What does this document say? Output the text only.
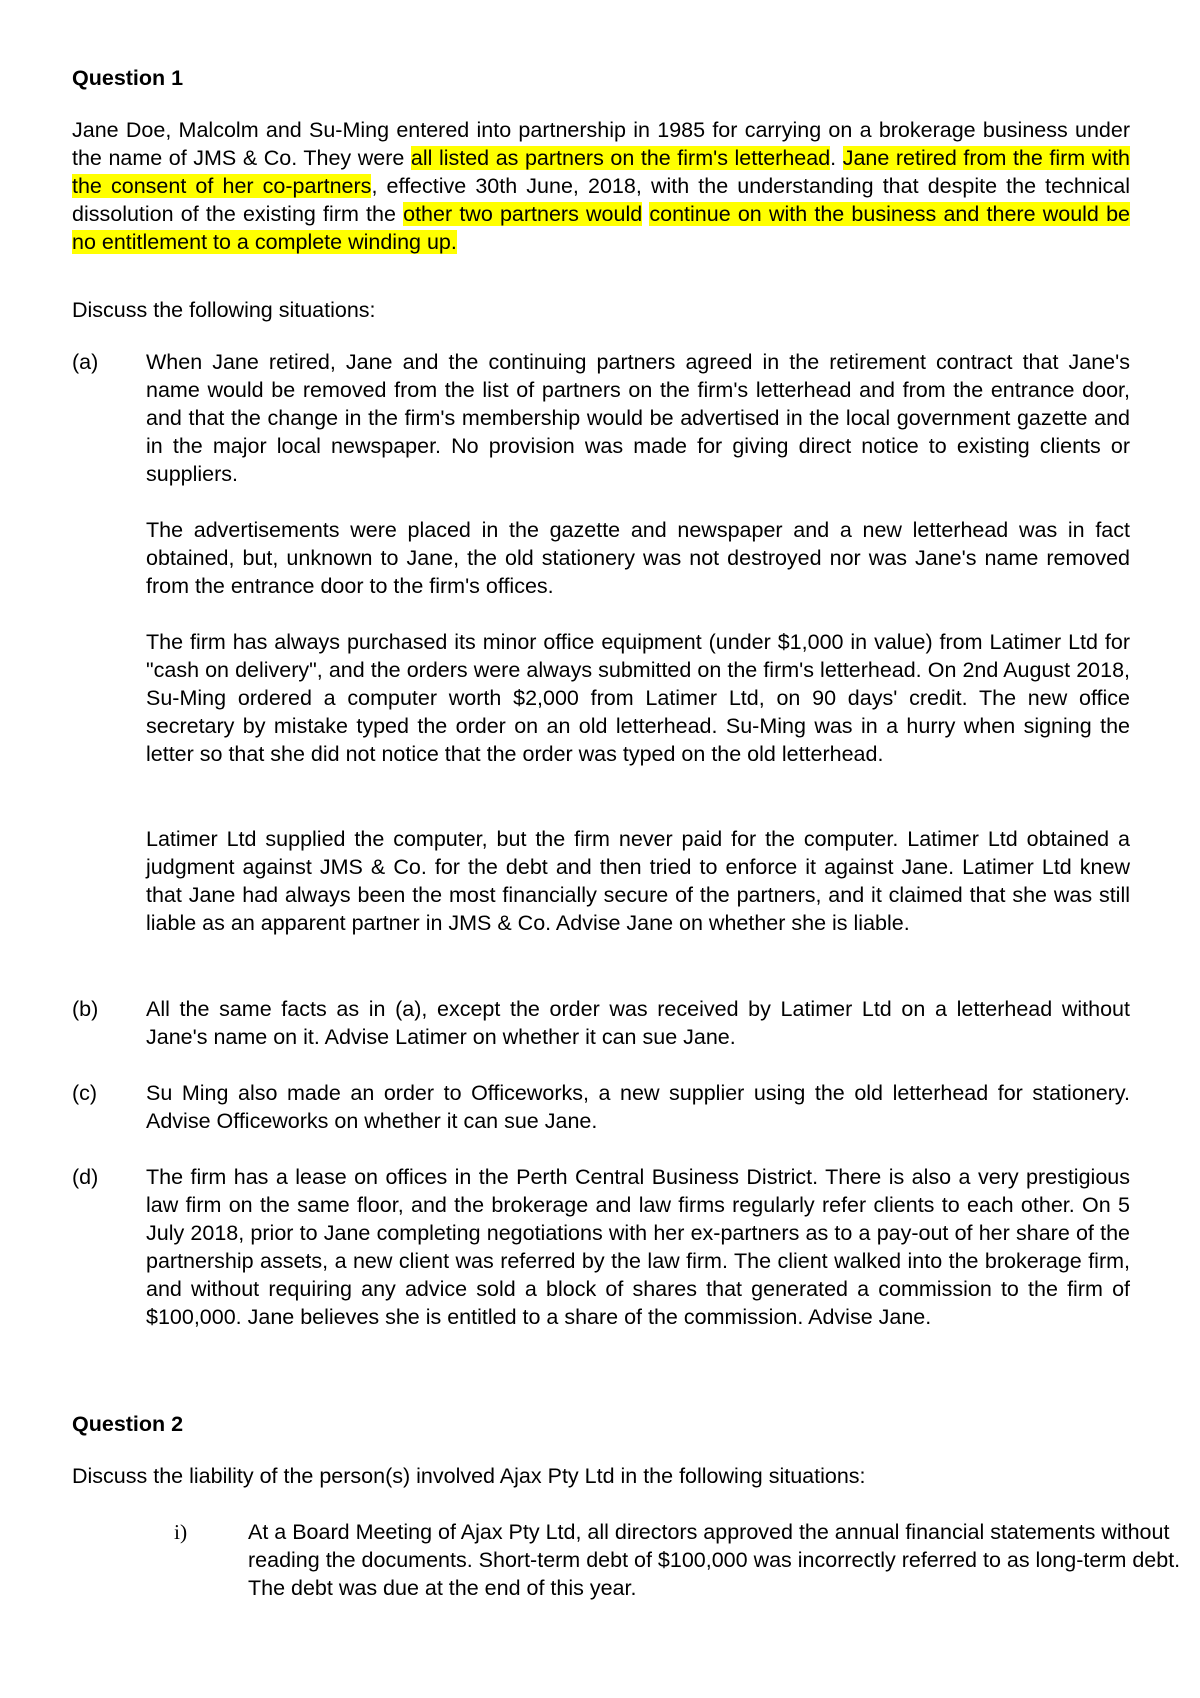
Question 1

Jane Doe, Malcolm and Su-Ming entered into partnership in 1985 for carrying on a brokerage business under the name of JMS & Co. They were all listed as partners on the firm's letterhead. Jane retired from the firm with the consent of her co-partners, effective 30th June, 2018, with the understanding that despite the technical dissolution of the existing firm the other two partners would continue on with the business and there would be no entitlement to a complete winding up.

Discuss the following situations:

(a) When Jane retired, Jane and the continuing partners agreed in the retirement contract that Jane's name would be removed from the list of partners on the firm's letterhead and from the entrance door, and that the change in the firm's membership would be advertised in the local government gazette and in the major local newspaper. No provision was made for giving direct notice to existing clients or suppliers.

The advertisements were placed in the gazette and newspaper and a new letterhead was in fact obtained, but, unknown to Jane, the old stationery was not destroyed nor was Jane's name removed from the entrance door to the firm's offices.

The firm has always purchased its minor office equipment (under $1,000 in value) from Latimer Ltd for "cash on delivery", and the orders were always submitted on the firm's letterhead. On 2nd August 2018, Su-Ming ordered a computer worth $2,000 from Latimer Ltd, on 90 days' credit. The new office secretary by mistake typed the order on an old letterhead. Su-Ming was in a hurry when signing the letter so that she did not notice that the order was typed on the old letterhead.

Latimer Ltd supplied the computer, but the firm never paid for the computer. Latimer Ltd obtained a judgment against JMS & Co. for the debt and then tried to enforce it against Jane. Latimer Ltd knew that Jane had always been the most financially secure of the partners, and it claimed that she was still liable as an apparent partner in JMS & Co. Advise Jane on whether she is liable.

(b) All the same facts as in (a), except the order was received by Latimer Ltd on a letterhead without Jane's name on it. Advise Latimer on whether it can sue Jane.

(c) Su Ming also made an order to Officeworks, a new supplier using the old letterhead for stationery. Advise Officeworks on whether it can sue Jane.

(d) The firm has a lease on offices in the Perth Central Business District. There is also a very prestigious law firm on the same floor, and the brokerage and law firms regularly refer clients to each other. On 5 July 2018, prior to Jane completing negotiations with her ex-partners as to a pay-out of her share of the partnership assets, a new client was referred by the law firm. The client walked into the brokerage firm, and without requiring any advice sold a block of shares that generated a commission to the firm of $100,000. Jane believes she is entitled to a share of the commission. Advise Jane.

Question 2

Discuss the liability of the person(s) involved Ajax Pty Ltd in the following situations:

i)	At a Board Meeting of Ajax Pty Ltd, all directors approved the annual financial statements without reading the documents. Short-term debt of $100,000 was incorrectly referred to as long-term debt. The debt was due at the end of this year.
